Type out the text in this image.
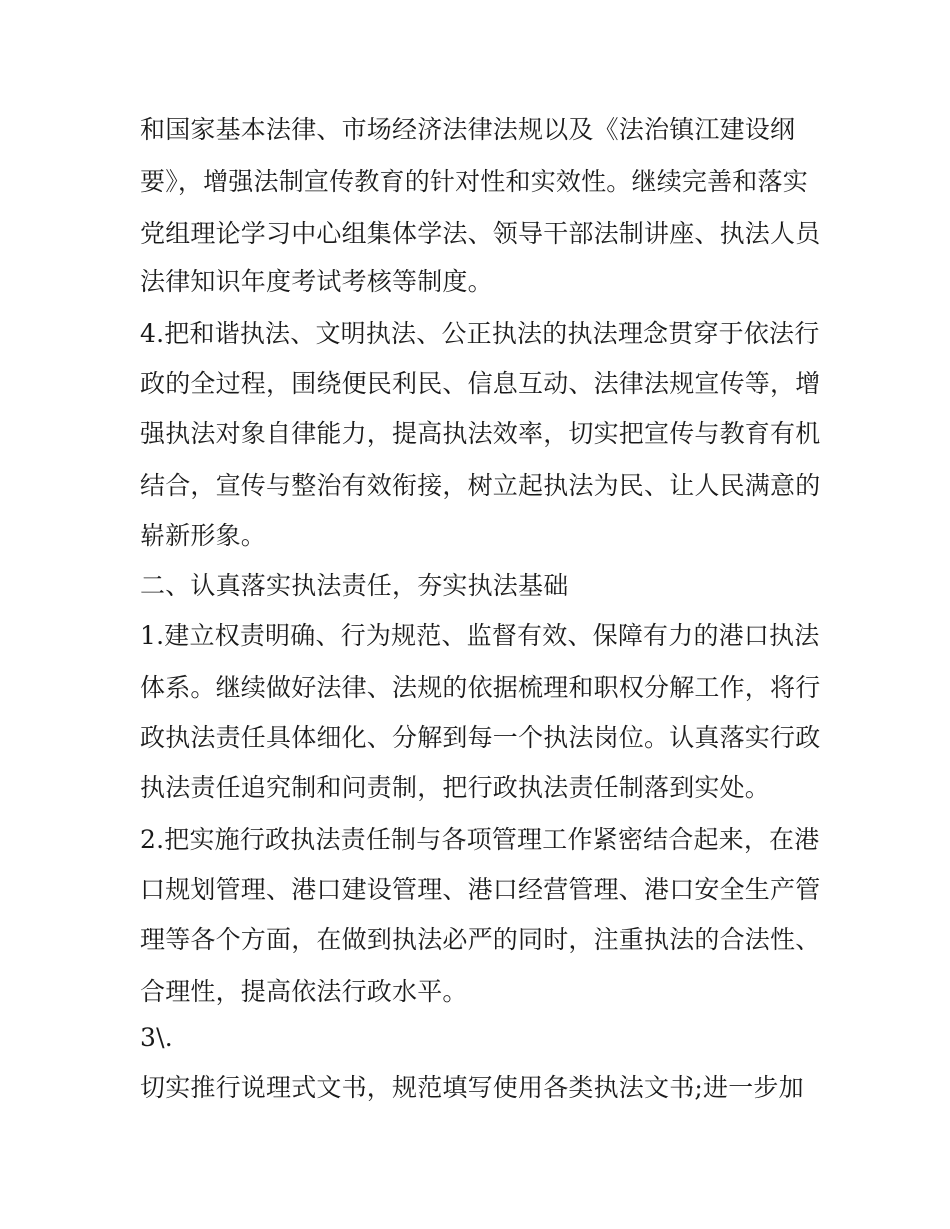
和国家基本法律、市场经济法律法规以及《法治镇江建设纲
要》，增强法制宣传教育的针对性和实效性。继续完善和落实
党组理论学习中心组集体学法、领导干部法制讲座、执法人员
法律知识年度考试考核等制度。
4.把和谐执法、文明执法、公正执法的执法理念贯穿于依法行
政的全过程，围绕便民利民、信息互动、法律法规宣传等，增
强执法对象自律能力，提高执法效率，切实把宣传与教育有机
结合，宣传与整治有效衔接，树立起执法为民、让人民满意的
崭新形象。
二、认真落实执法责任，夯实执法基础
1.建立权责明确、行为规范、监督有效、保障有力的港口执法
体系。继续做好法律、法规的依据梳理和职权分解工作，将行
政执法责任具体细化、分解到每一个执法岗位。认真落实行政
执法责任追究制和问责制，把行政执法责任制落到实处。
2.把实施行政执法责任制与各项管理工作紧密结合起来，在港
口规划管理、港口建设管理、港口经营管理、港口安全生产管
理等各个方面，在做到执法必严的同时，注重执法的合法性、
合理性，提高依法行政水平。
3\.
切实推行说理式文书，规范填写使用各类执法文书;进一步加
